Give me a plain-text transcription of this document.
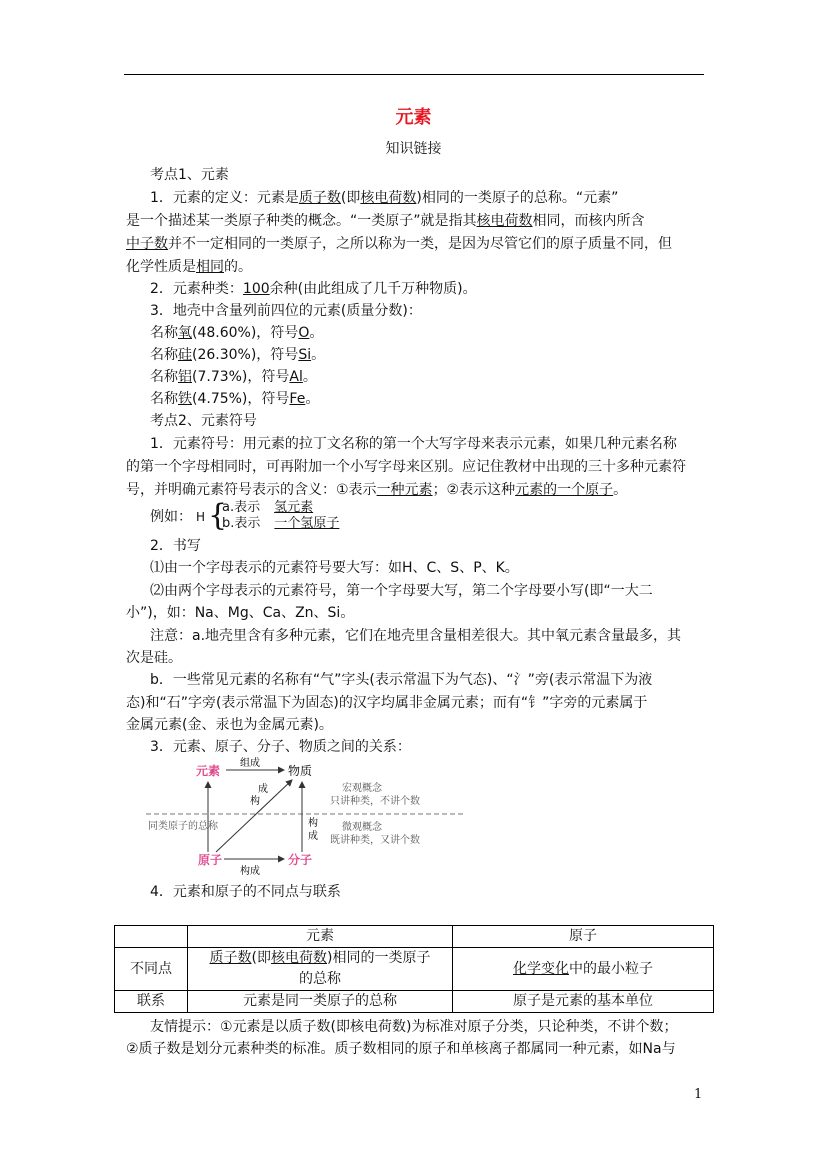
元素
知识链接
考点1、元素
1．元素的定义：元素是质子数(即核电荷数)相同的一类原子的总称。“元素”
是一个描述某一类原子种类的概念。“一类原子”就是指其核电荷数相同，而核内所含
中子数并不一定相同的一类原子，之所以称为一类，是因为尽管它们的原子质量不同，但
化学性质是相同的。
2．元素种类：100余种(由此组成了几千万种物质)。
3．地壳中含量列前四位的元素(质量分数)：
名称氧(48.60%)，符号O。
名称硅(26.30%)，符号Si。
名称铝(7.73%)，符号Al。
名称铁(4.75%)，符号Fe。
考点2、元素符号
1．元素符号：用元素的拉丁文名称的第一个大写字母来表示元素，如果几种元素名称
的第一个字母相同时，可再附加一个小写字母来区别。应记住教材中出现的三十多种元素符
号，并明确元素符号表示的含义：①表示一种元素；②表示这种元素的一个原子。
例如： H {
a.表示 氢元素
b.表示 一个氢原子
2．书写
⑴由一个字母表示的元素符号要大写：如H、C、S、P、K。
⑵由两个字母表示的元素符号，第一个字母要大写，第二个字母要小写(即“一大二
小”)，如：Na、Mg、Ca、Zn、Si。
注意：a.地壳里含有多种元素，它们在地壳里含量相差很大。其中氧元素含量最多，其
次是硅。
b．一些常见元素的名称有“气”字头(表示常温下为气态)、“氵”旁(表示常温下为液
态)和“石”字旁(表示常温下为固态)的汉字均属非金属元素；而有“钅”字旁的元素属于
金属元素(金、汞也为金属元素)。
3．元素、原子、分子、物质之间的关系：
元素
组成
物质
成
构
宏观概念
只讲种类，不讲个数
同类原子的总称	构
成
微观概念
既讲种类，又讲个数
原子
构成
分子
4．元素和原子的不同点与联系
	元素	原子
不同点	质子数(即核电荷数)相同的一类原子
的总称	化学变化中的最小粒子
联系	元素是同一类原子的总称	原子是元素的基本单位
友情提示：①元素是以质子数(即核电荷数)为标准对原子分类，只论种类，不讲个数；
②质子数是划分元素种类的标准。质子数相同的原子和单核离子都属同一种元素，如Na与
1
